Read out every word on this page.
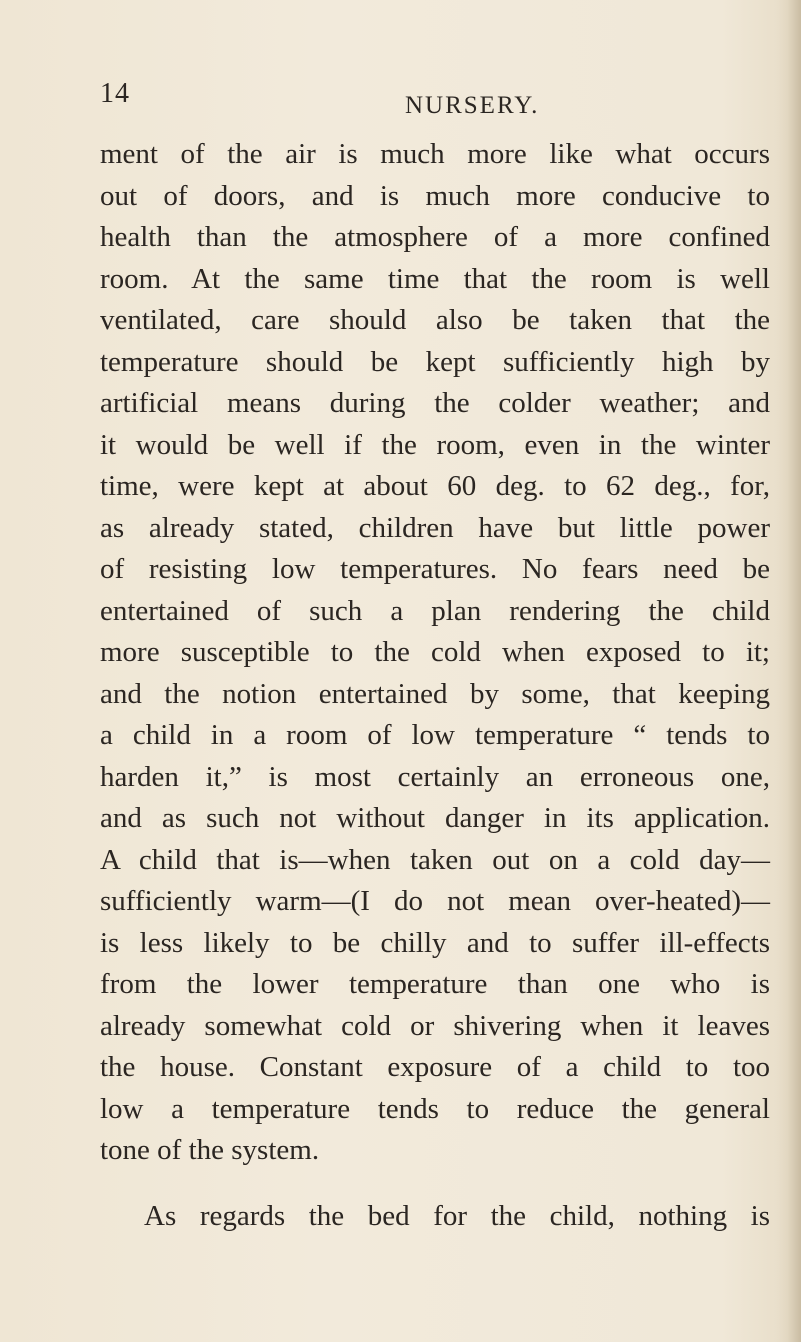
14	NURSERY.
ment of the air is much more like what occurs
out of doors, and is much more conducive to
health than the atmosphere of a more confined
room. At the same time that the room is well
ventilated, care should also be taken that the
temperature should be kept sufficiently high by
artificial means during the colder weather; and
it would be well if the room, even in the winter
time, were kept at about 60 deg. to 62 deg., for,
as already stated, children have but little power
of resisting low temperatures. No fears need be
entertained of such a plan rendering the child
more susceptible to the cold when exposed to it;
and the notion entertained by some, that keeping
a child in a room of low temperature “ tends to
harden it,” is most certainly an erroneous one,
and as such not without danger in its application.
A child that is—when taken out on a cold day—
sufficiently warm—(I do not mean over-heated)—
is less likely to be chilly and to suffer ill-effects
from the lower temperature than one who is
already somewhat cold or shivering when it leaves
the house. Constant exposure of a child to too
low a temperature tends to reduce the general
tone of the system.
As regards the bed for the child, nothing is
